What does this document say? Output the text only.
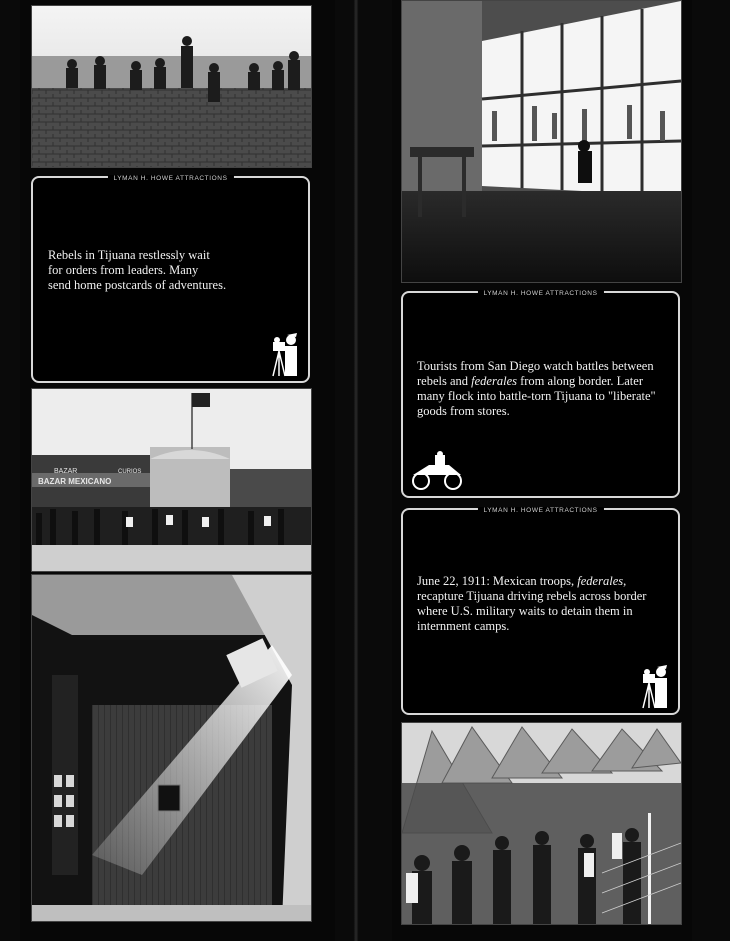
LYMAN H. HOWE ATTRACTIONS
Rebels in Tijuana restlessly wait
for orders from leaders. Many
send home postcards of adventures.
BAZAR MEXICANO
BAZAR	CURIOS
LYMAN H. HOWE ATTRACTIONS
Tourists from San Diego watch battles between rebels and federales from along border. Later many flock into battle-torn Tijuana to "liberate" goods from stores.
LYMAN H. HOWE ATTRACTIONS
June 22, 1911: Mexican troops, federales, recapture Tijuana driving rebels across border where U.S. military waits to detain them in internment camps.
